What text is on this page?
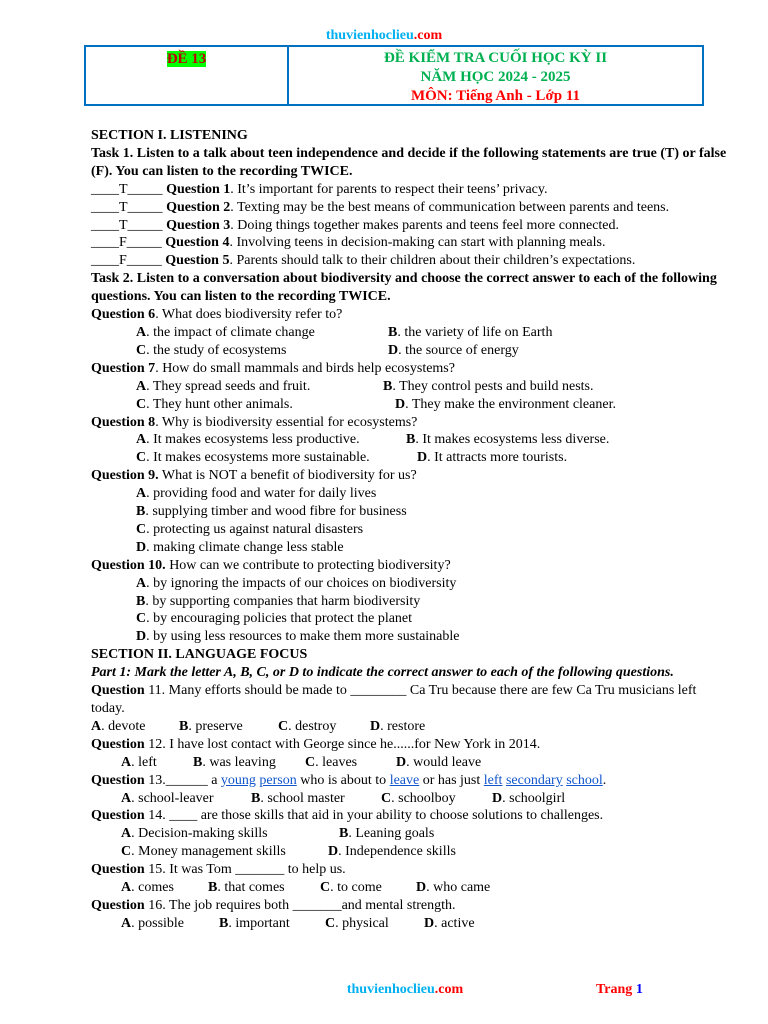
thuvienhoclieu.com
ĐỀ 13	ĐỀ KIỂM TRA CUỐI HỌC KỲ II
NĂM HỌC 2024 - 2025
MÔN: Tiếng Anh - Lớp 11
SECTION I. LISTENING
Task 1. Listen to a talk about teen independence and decide if the following statements are true (T) or false (F). You can listen to the recording TWICE.
____T_____ Question 1. It’s important for parents to respect their teens’ privacy.
____T_____ Question 2. Texting may be the best means of communication between parents and teens.
____T_____ Question 3. Doing things together makes parents and teens feel more connected.
____F_____ Question 4. Involving teens in decision-making can start with planning meals.
____F_____ Question 5. Parents should talk to their children about their children’s expectations.
Task 2. Listen to a conversation about biodiversity and choose the correct answer to each of the following questions. You can listen to the recording TWICE.
Question 6. What does biodiversity refer to?
A. the impact of climate change	B. the variety of life on Earth
C. the study of ecosystems	D. the source of energy
Question 7. How do small mammals and birds help ecosystems?
A. They spread seeds and fruit.	B. They control pests and build nests.
C. They hunt other animals.	D. They make the environment cleaner.
Question 8. Why is biodiversity essential for ecosystems?
A. It makes ecosystems less productive.	B. It makes ecosystems less diverse.
C. It makes ecosystems more sustainable.	D. It attracts more tourists.
Question 9. What is NOT a benefit of biodiversity for us?
A. providing food and water for daily lives
B. supplying timber and wood fibre for business
C. protecting us against natural disasters
D. making climate change less stable
Question 10. How can we contribute to protecting biodiversity?
A. by ignoring the impacts of our choices on biodiversity
B. by supporting companies that harm biodiversity
C. by encouraging policies that protect the planet
D. by using less resources to make them more sustainable
SECTION II. LANGUAGE FOCUS
Part 1: Mark the letter A, B, C, or D to indicate the correct answer to each of the following questions.
Question 11. Many efforts should be made to ________ Ca Tru because there are few Ca Tru musicians left today.
A. devote B. preserve	C. destroy D. restore
Question 12. I have lost contact with George since he......for New York in 2014.
A. left	B. was leaving C. leaves	D. would leave
Question 13.______ a young person who is about to leave or has just left secondary school.
A. school-leaver	B. school master	C. schoolboy	D. schoolgirl
Question 14. ____ are those skills that aid in your ability to choose solutions to challenges.
A. Decision-making skills	B. Leaning goals
C. Money management skills	D. Independence skills
Question 15. It was Tom _______ to help us.
A. comes B. that comes	C. to come D. who came
Question 16. The job requires both _______and mental strength.
A. possible B. important	C. physical	D. active
thuvienhoclieu.com	Trang 1
